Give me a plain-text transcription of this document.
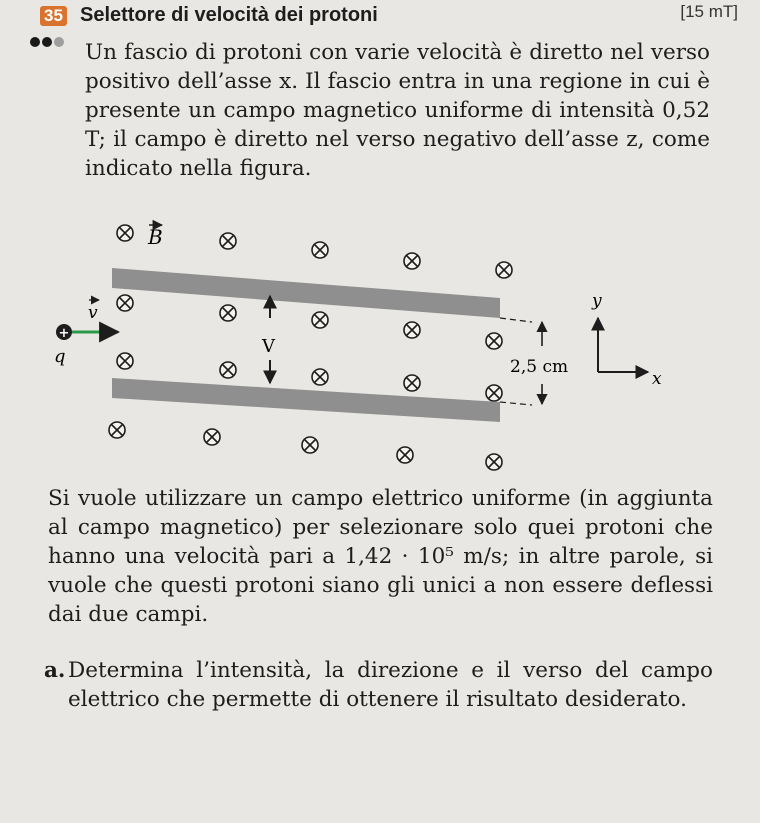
35 Selettore di velocità dei protoni	[15 mT]

Un fascio di protoni con varie velocità è diretto nel verso positivo dell’asse x. Il fascio entra in una regione in cui è presente un campo magnetico uniforme di intensità 0,52 T; il campo è diretto nel verso negativo dell’asse z, come indicato nella figura.

B
+
q
v
V
2,5 cm
y
x

Si vuole utilizzare un campo elettrico uniforme (in aggiunta al campo magnetico) per selezionare solo quei protoni che hanno una velocità pari a 1,42 · 10⁵ m/s; in altre parole, si vuole che questi protoni siano gli unici a non essere deflessi dai due campi.

a. Determina l’intensità, la direzione e il verso del campo elettrico che permette di ottenere il risultato desiderato.
